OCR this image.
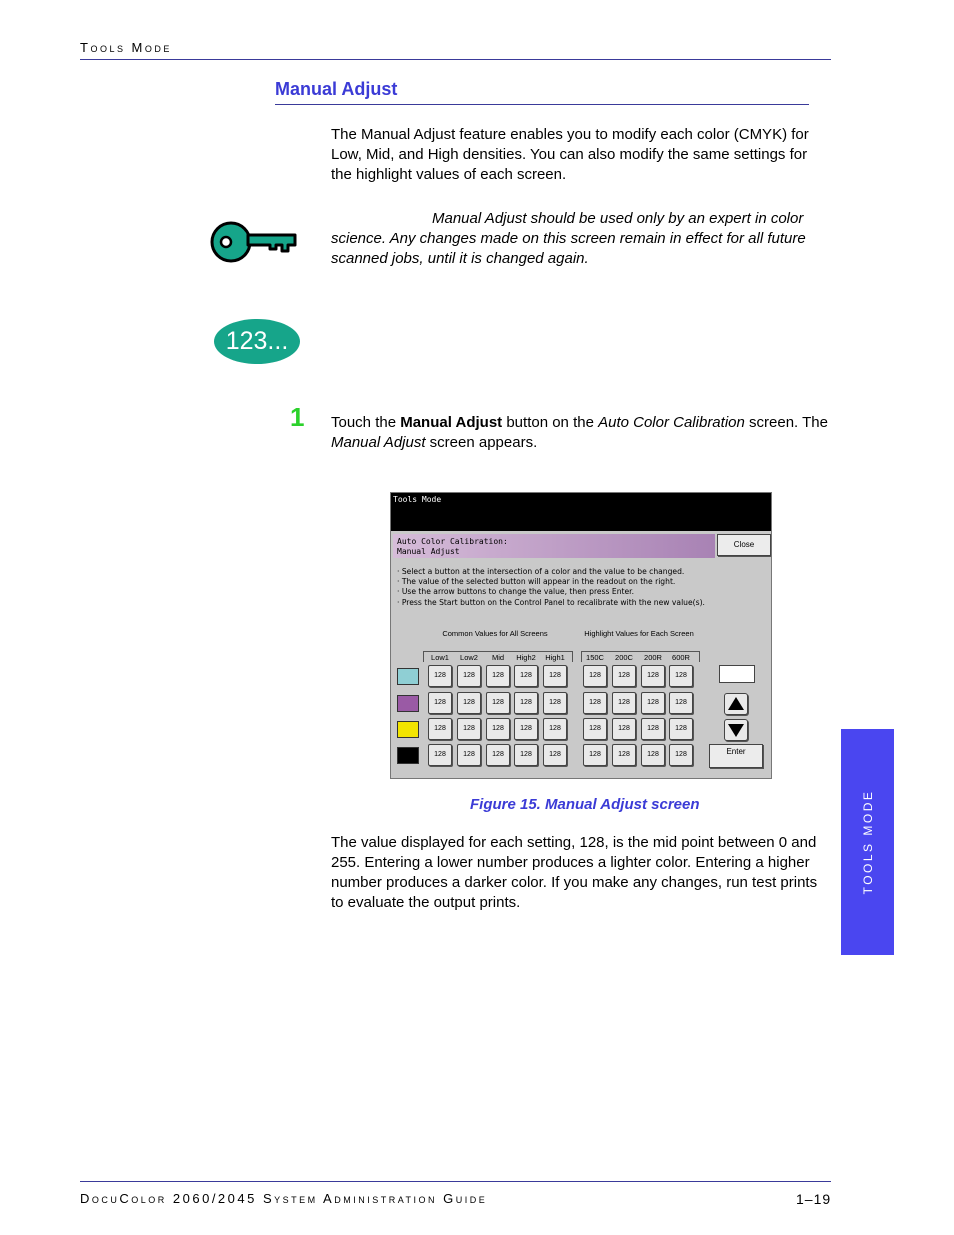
Tools Mode
Manual Adjust
The Manual Adjust feature enables you to modify each color (CMYK) for Low, Mid, and High densities. You can also modify the same settings for the highlight values of each screen.
Manual Adjust should be used only by an expert in color science. Any changes made on this screen remain in effect for all future scanned jobs, until it is changed again.
123...
1 Touch the Manual Adjust button on the Auto Color Calibration screen. The Manual Adjust screen appears.
Tools Mode
Auto Color Calibration:
Manual Adjust
Close
· Select a button at the intersection of a color and the value to be changed.
· The value of the selected button will appear in the readout on the right.
· Use the arrow buttons to change the value, then press Enter.
· Press the Start button on the Control Panel to recalibrate with the new value(s).
Common Values for All Screens	Highlight Values for Each Screen
Low1	Low2	Mid	High2	High1	150C	200C	200R	600R
128	128	128	128	128	128	128	128	128
128	128	128	128	128	128	128	128	128
128	128	128	128	128	128	128	128	128
128	128	128	128	128	128	128	128	128	Enter
Figure 15. Manual Adjust screen
The value displayed for each setting, 128, is the mid point between 0 and 255. Entering a lower number produces a lighter color. Entering a higher number produces a darker color. If you make any changes, run test prints to evaluate the output prints.
TOOLS MODE
DocuColor 2060/2045 System Administration Guide	1–19
